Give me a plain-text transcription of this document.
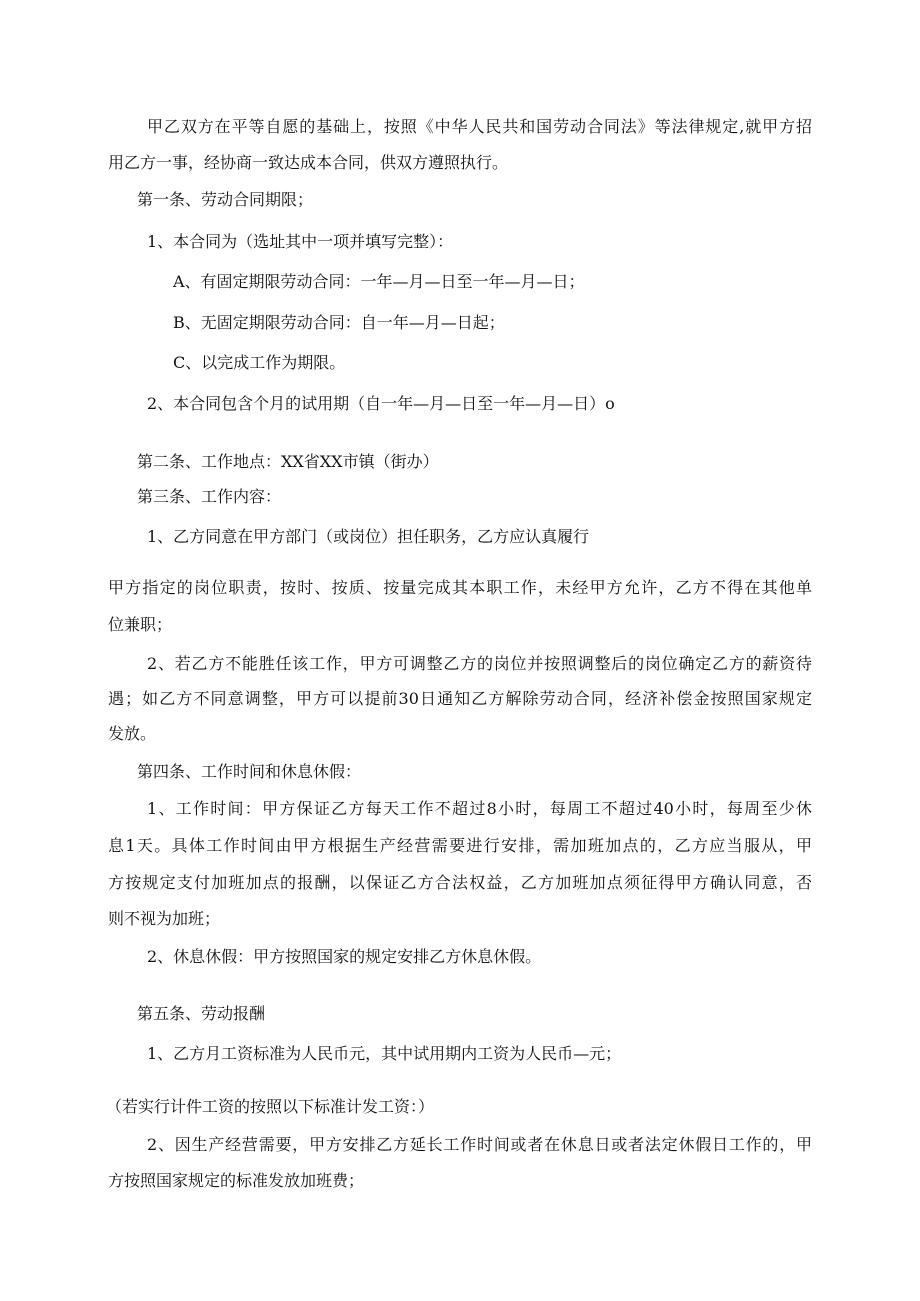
甲乙双方在平等自愿的基础上，按照《中华人民共和国劳动合同法》等法律规定,就甲方招

用乙方一事，经协商一致达成本合同，供双方遵照执行。

第一条、劳动合同期限；

1、本合同为（选址其中一项并填写完整）：

A、有固定期限劳动合同：一年—月—日至一年—月—日；

B、无固定期限劳动合同：自一年—月—日起；

C、以完成工作为期限。

2、本合同包含个月的试用期（自一年—月—日至一年—月—日）o

第二条、工作地点：XX省XX市镇（街办）

第三条、工作内容：

1、乙方同意在甲方部门（或岗位）担任职务，乙方应认真履行

甲方指定的岗位职责，按时、按质、按量完成其本职工作，未经甲方允许，乙方不得在其他单

位兼职；

2、若乙方不能胜任该工作，甲方可调整乙方的岗位并按照调整后的岗位确定乙方的薪资待

遇；如乙方不同意调整，甲方可以提前30日通知乙方解除劳动合同，经济补偿金按照国家规定

发放。

第四条、工作时间和休息休假：

1、工作时间：甲方保证乙方每天工作不超过8小时，每周工不超过40小时，每周至少休

息1天。具体工作时间由甲方根据生产经营需要进行安排，需加班加点的，乙方应当服从，甲

方按规定支付加班加点的报酬，以保证乙方合法权益，乙方加班加点须征得甲方确认同意，否

则不视为加班；

2、休息休假：甲方按照国家的规定安排乙方休息休假。

第五条、劳动报酬

1、乙方月工资标准为人民币元，其中试用期内工资为人民币—元；

（若实行计件工资的按照以下标准计发工资：）

2、因生产经营需要，甲方安排乙方延长工作时间或者在休息日或者法定休假日工作的，甲

方按照国家规定的标准发放加班费；
